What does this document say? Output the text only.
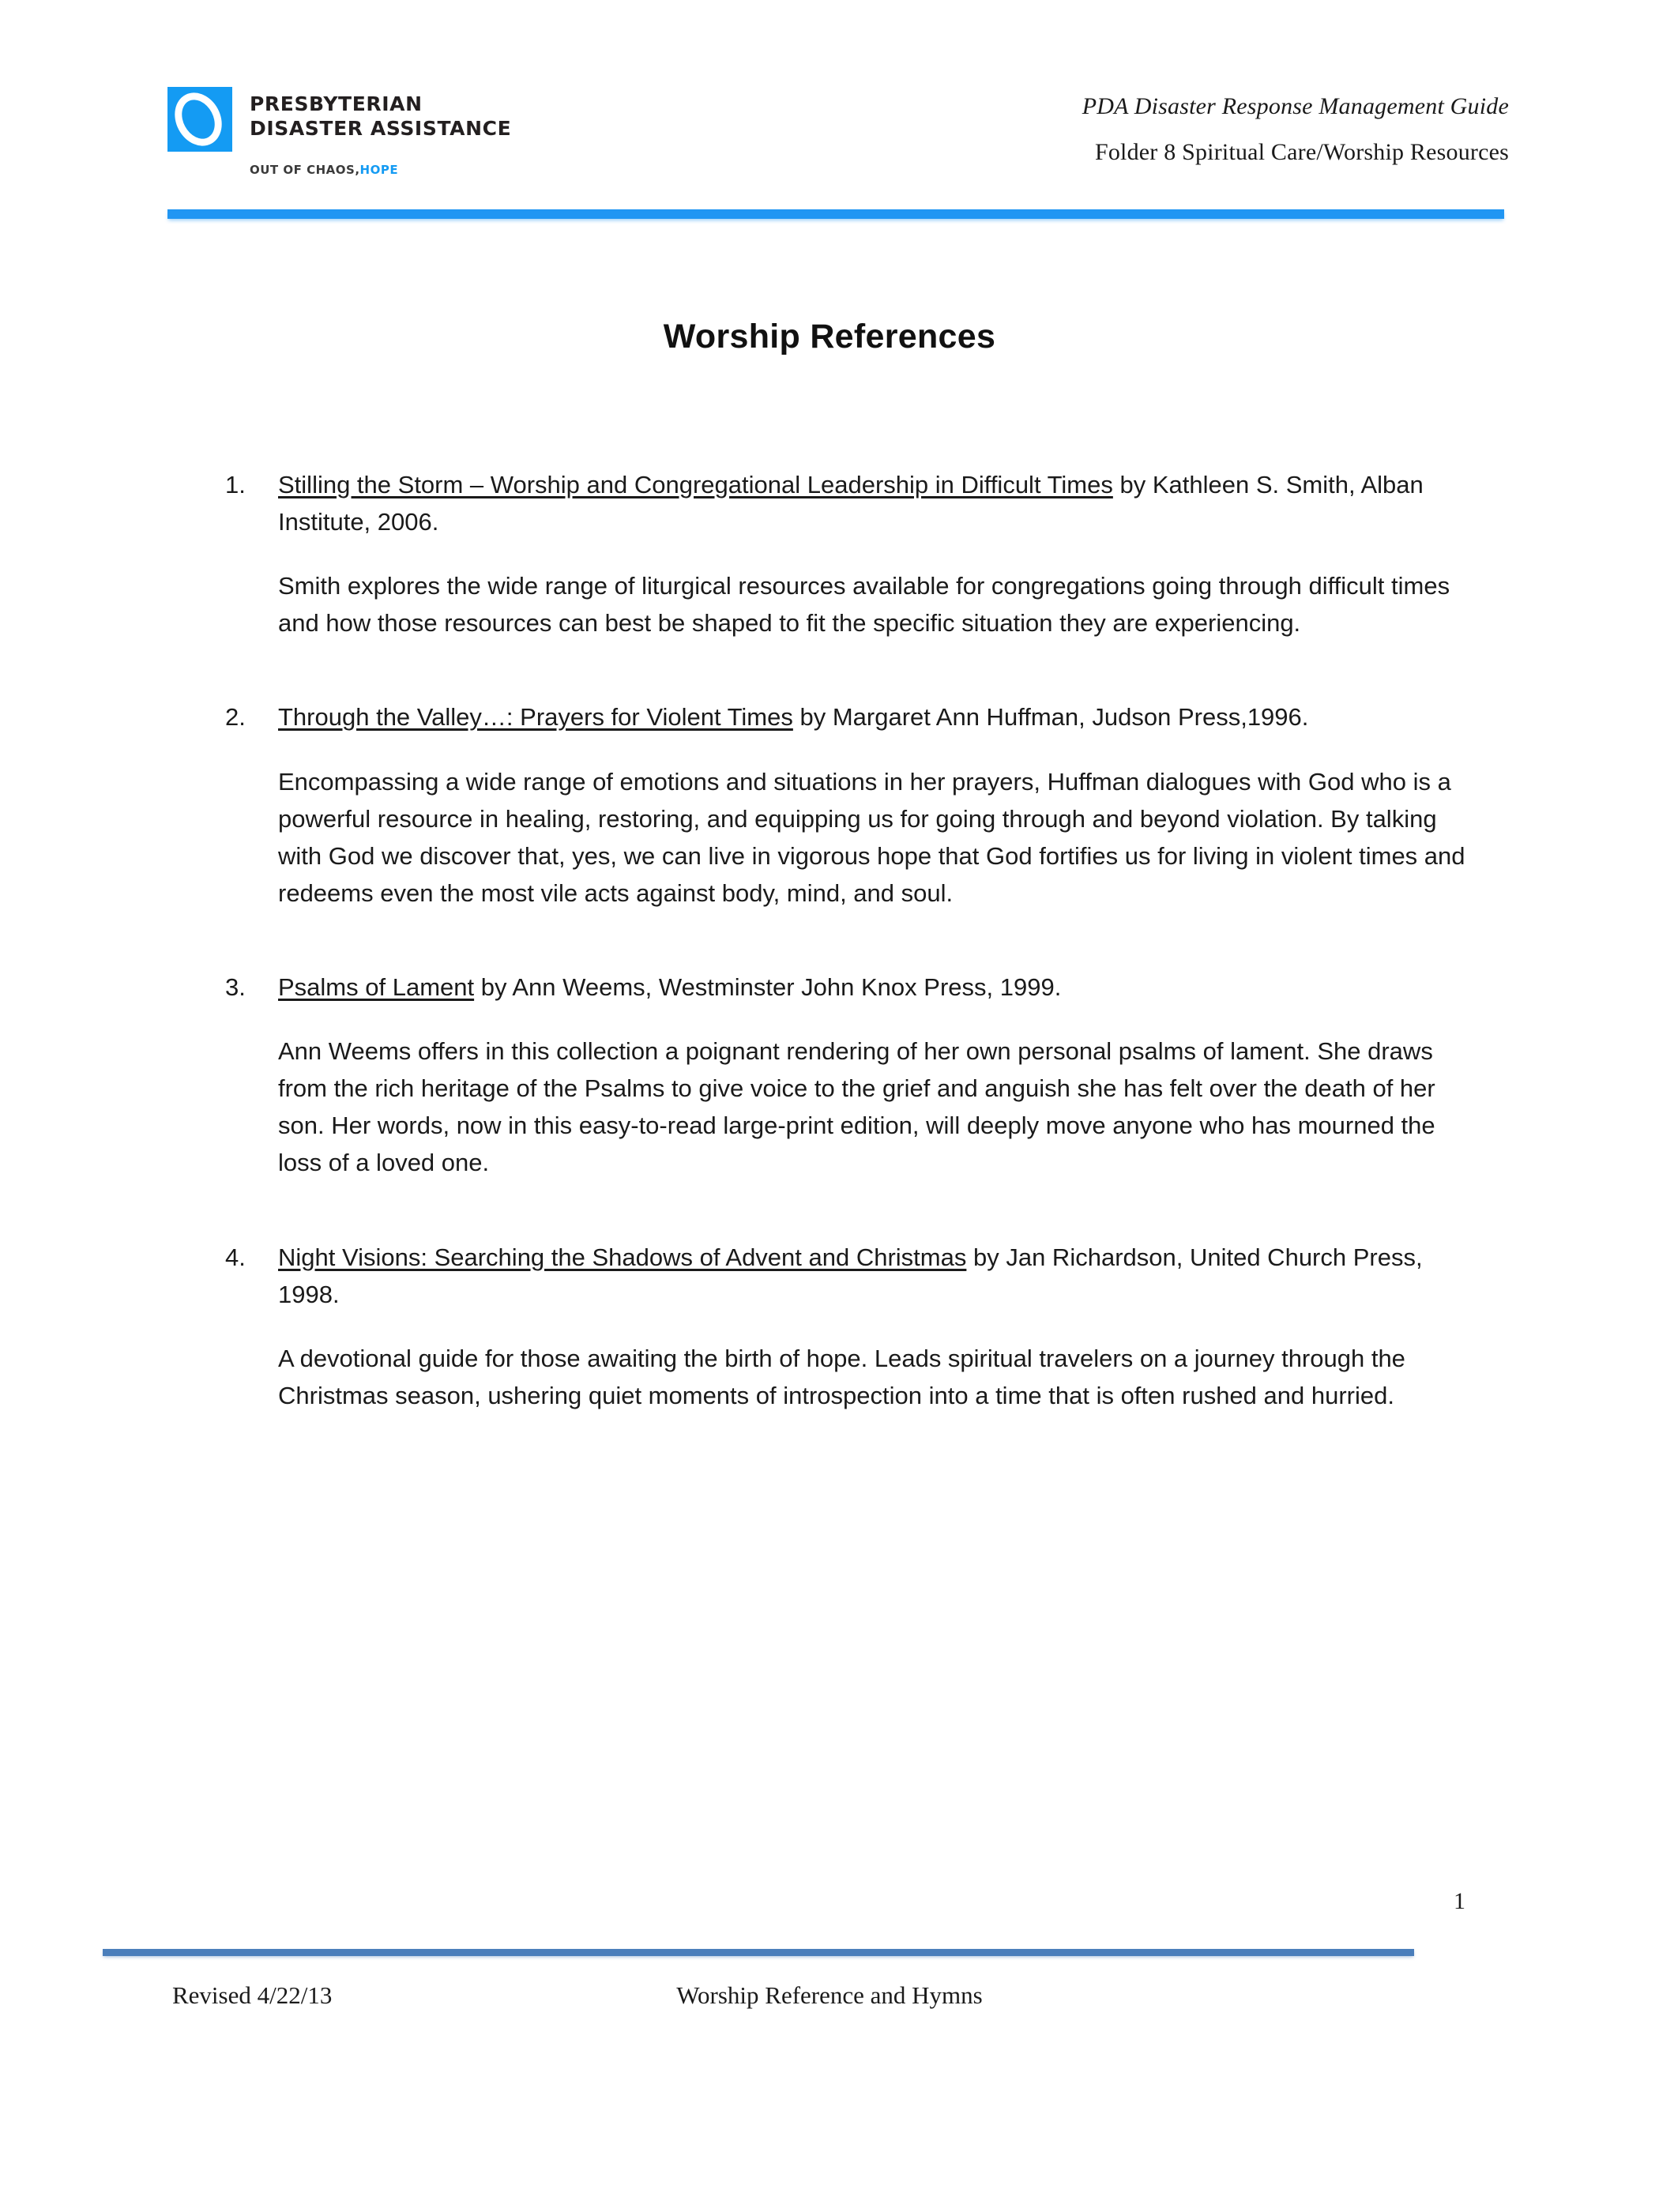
PRESBYTERIAN
DISASTER ASSISTANCE
OUT OF CHAOS,HOPE
PDA Disaster Response Management Guide
Folder 8 Spiritual Care/Worship Resources
Worship References
1. Stilling the Storm – Worship and Congregational Leadership in Difficult Times by Kathleen S. Smith, Alban Institute, 2006.
Smith explores the wide range of liturgical resources available for congregations going through difficult times and how those resources can best be shaped to fit the specific situation they are experiencing.
2. Through the Valley…: Prayers for Violent Times by Margaret Ann Huffman, Judson Press,1996.
Encompassing a wide range of emotions and situations in her prayers, Huffman dialogues with God who is a powerful resource in healing, restoring, and equipping us for going through and beyond violation. By talking with God we discover that, yes, we can live in vigorous hope that God fortifies us for living in violent times and redeems even the most vile acts against body, mind, and soul.
3. Psalms of Lament by Ann Weems, Westminster John Knox Press, 1999.
Ann Weems offers in this collection a poignant rendering of her own personal psalms of lament. She draws from the rich heritage of the Psalms to give voice to the grief and anguish she has felt over the death of her son. Her words, now in this easy-to-read large-print edition, will deeply move anyone who has mourned the loss of a loved one.
4. Night Visions: Searching the Shadows of Advent and Christmas by Jan Richardson, United Church Press, 1998.
A devotional guide for those awaiting the birth of hope. Leads spiritual travelers on a journey through the Christmas season, ushering quiet moments of introspection into a time that is often rushed and hurried.
1
Revised 4/22/13	Worship Reference and Hymns
